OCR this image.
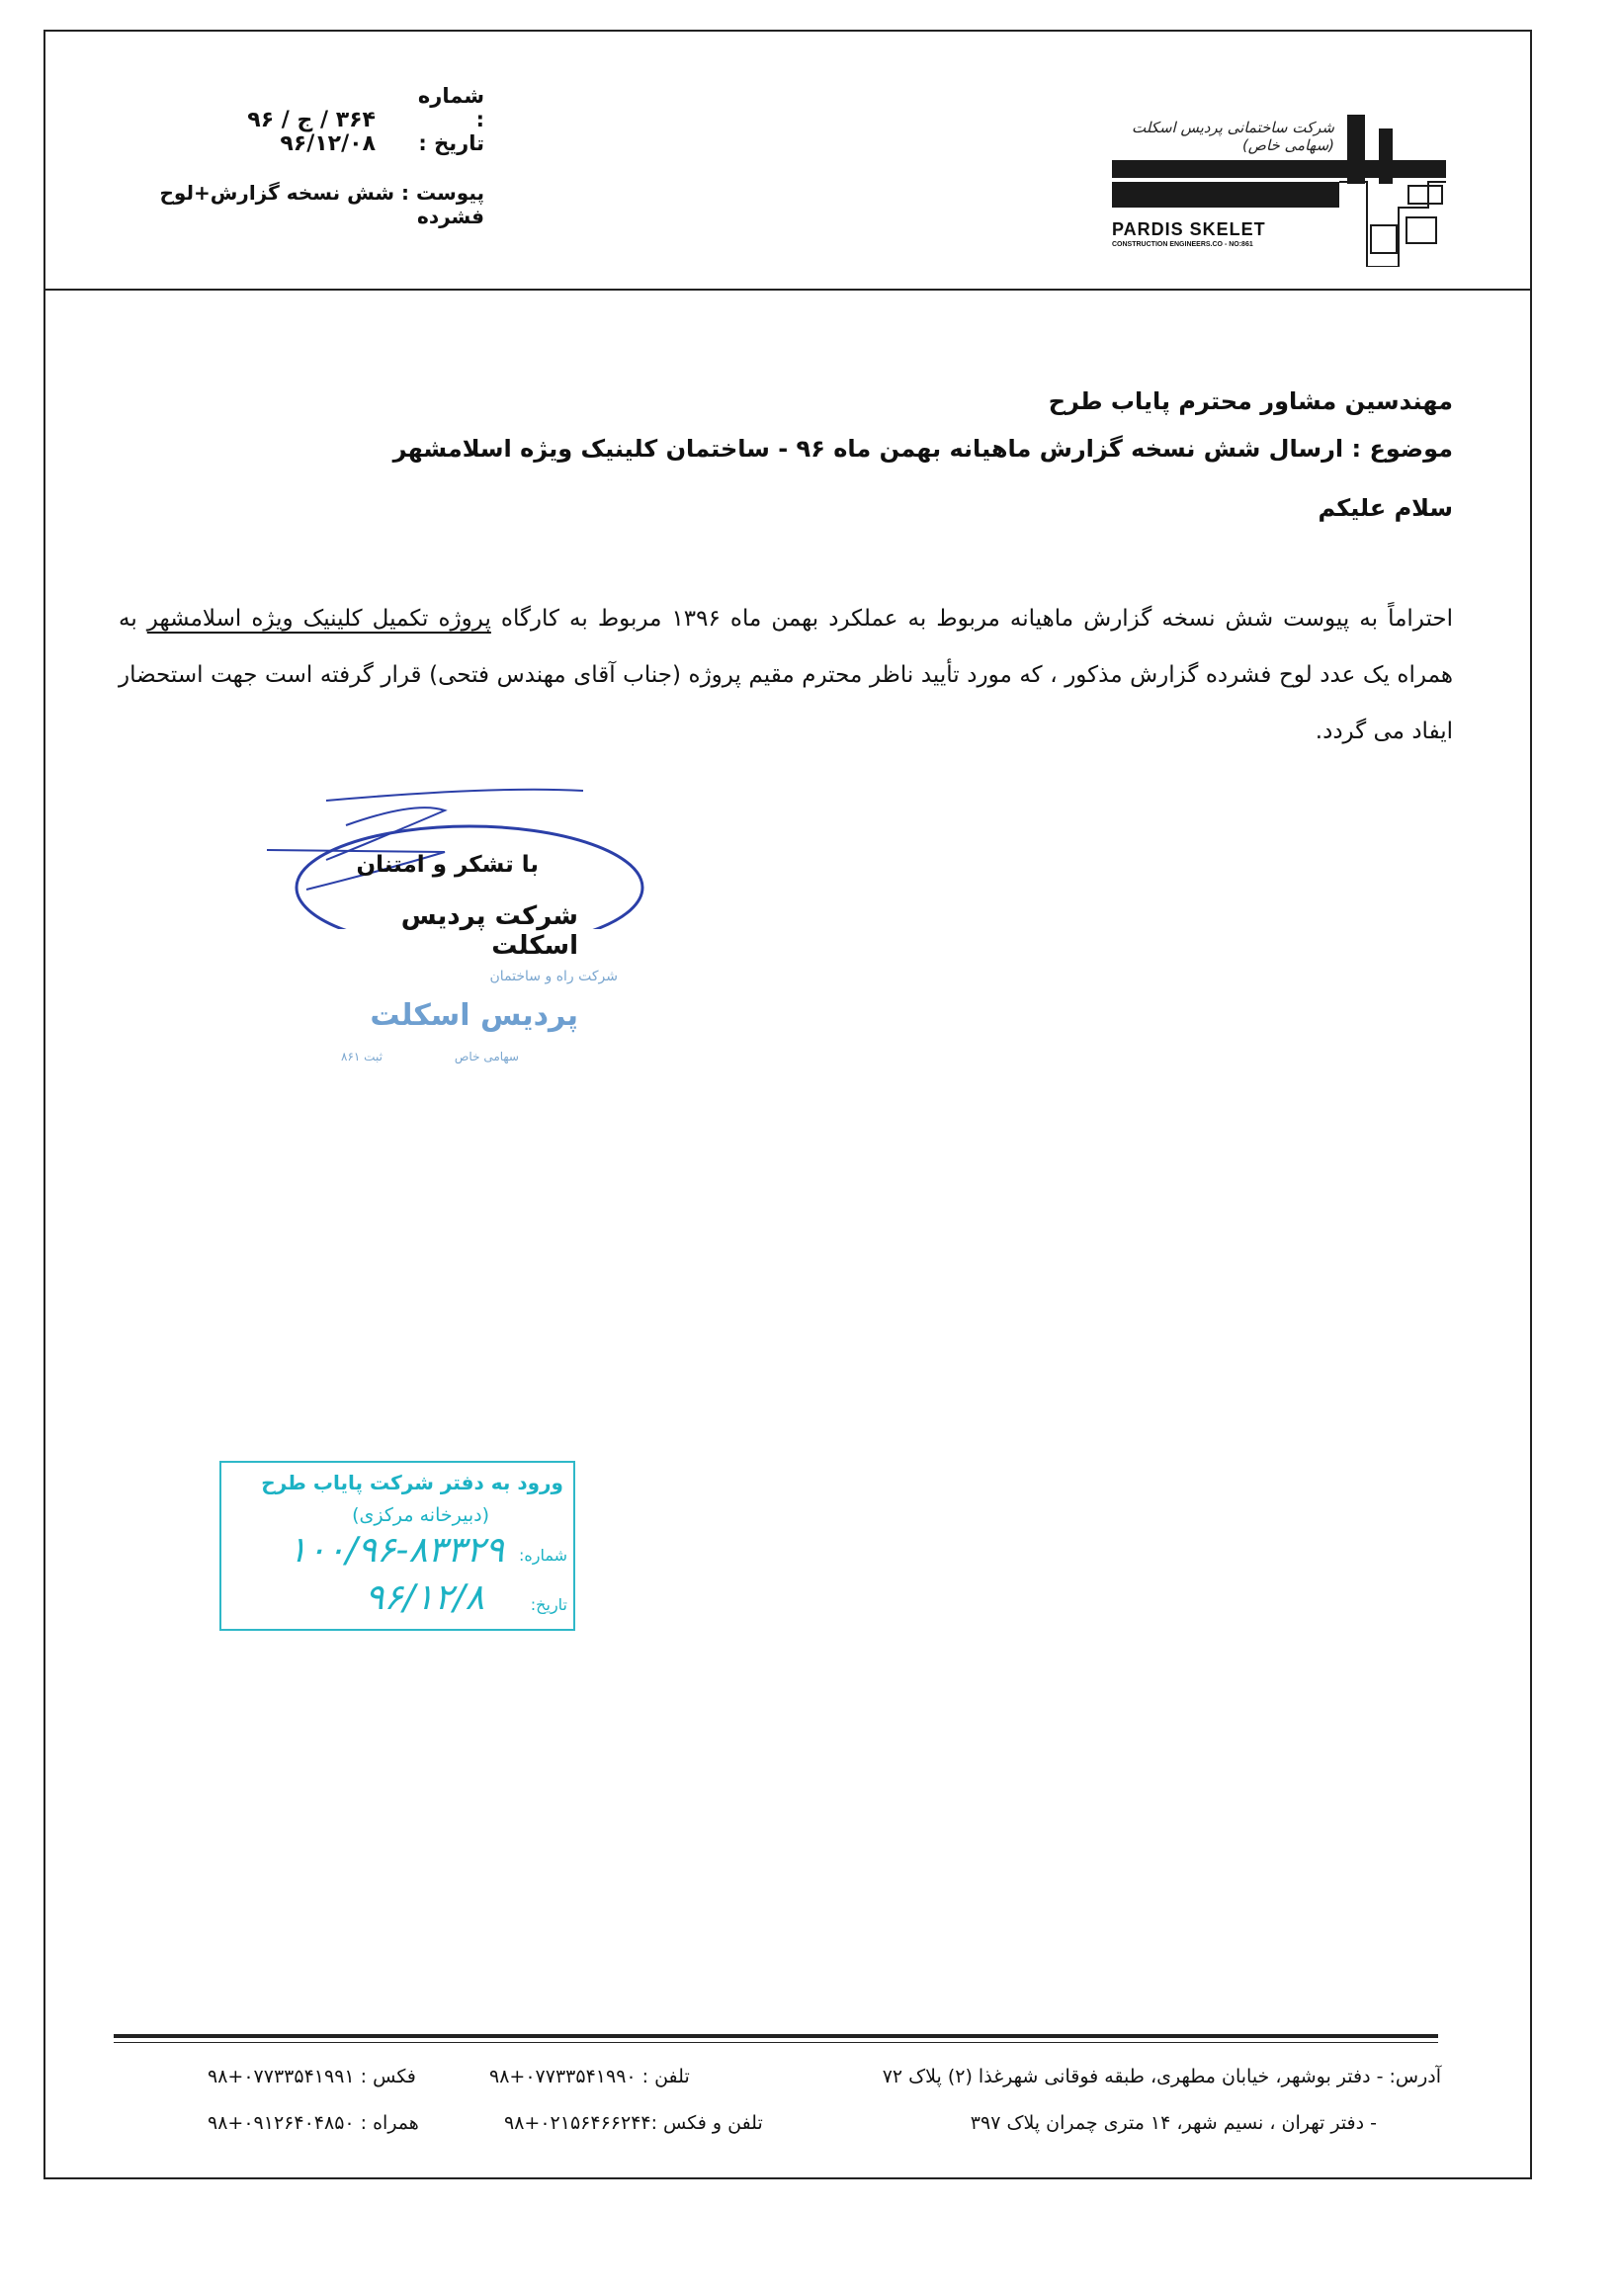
شماره :۳۶۴ / ج / ۹۶
تاریخ :۹۶/۱۲/۰۸
پیوست : شش نسخه گزارش+لوح فشرده
شرکت ساختمانی پردیس اسکلت (سهامی خاص)
PARDIS SKELET
CONSTRUCTION ENGINEERS.CO - NO:861
مهندسین مشاور محترم پایاب طرح
موضوع : ارسال شش نسخه گزارش ماهیانه بهمن ماه ۹۶ - ساختمان کلینیک ویژه اسلامشهر
سلام علیکم
احتراماً به پیوست شش نسخه گزارش ماهیانه مربوط به عملکرد بهمن ماه ۱۳۹۶ مربوط به کارگاه پروژه تکمیل کلینیک ویژه اسلامشهر به همراه یک عدد لوح فشرده گزارش مذکور ، که مورد تأیید ناظر محترم مقیم پروژه (جناب آقای مهندس فتحی) قرار گرفته است جهت استحضار ایفاد می گردد.
با تشکر و امتنان
شرکت پردیس اسکلت
شرکت راه و ساختمان
پردیس اسکلت
سهامی خاص
ثبت ۸۶۱
ورود به دفتر شرکت پایاب طرح
(دبیرخانه مرکزی)
شماره:
۱۰۰/۹۶-۸۳۳۲۹
تاریخ:
۹۶/۱۲/۸
آدرس: - دفتر بوشهر، خیابان مطهری، طبقه فوقانی شهرغذا (۲) پلاک ۷۲
تلفن : ۰۷۷۳۳۵۴۱۹۹۰+۹۸
فکس : ۰۷۷۳۳۵۴۱۹۹۱+۹۸
- دفتر تهران ، نسیم شهر، ۱۴ متری چمران پلاک ۳۹۷
تلفن و فکس :۰۲۱۵۶۴۶۶۲۴۴+۹۸
همراه : ۰۹۱۲۶۴۰۴۸۵۰+۹۸
